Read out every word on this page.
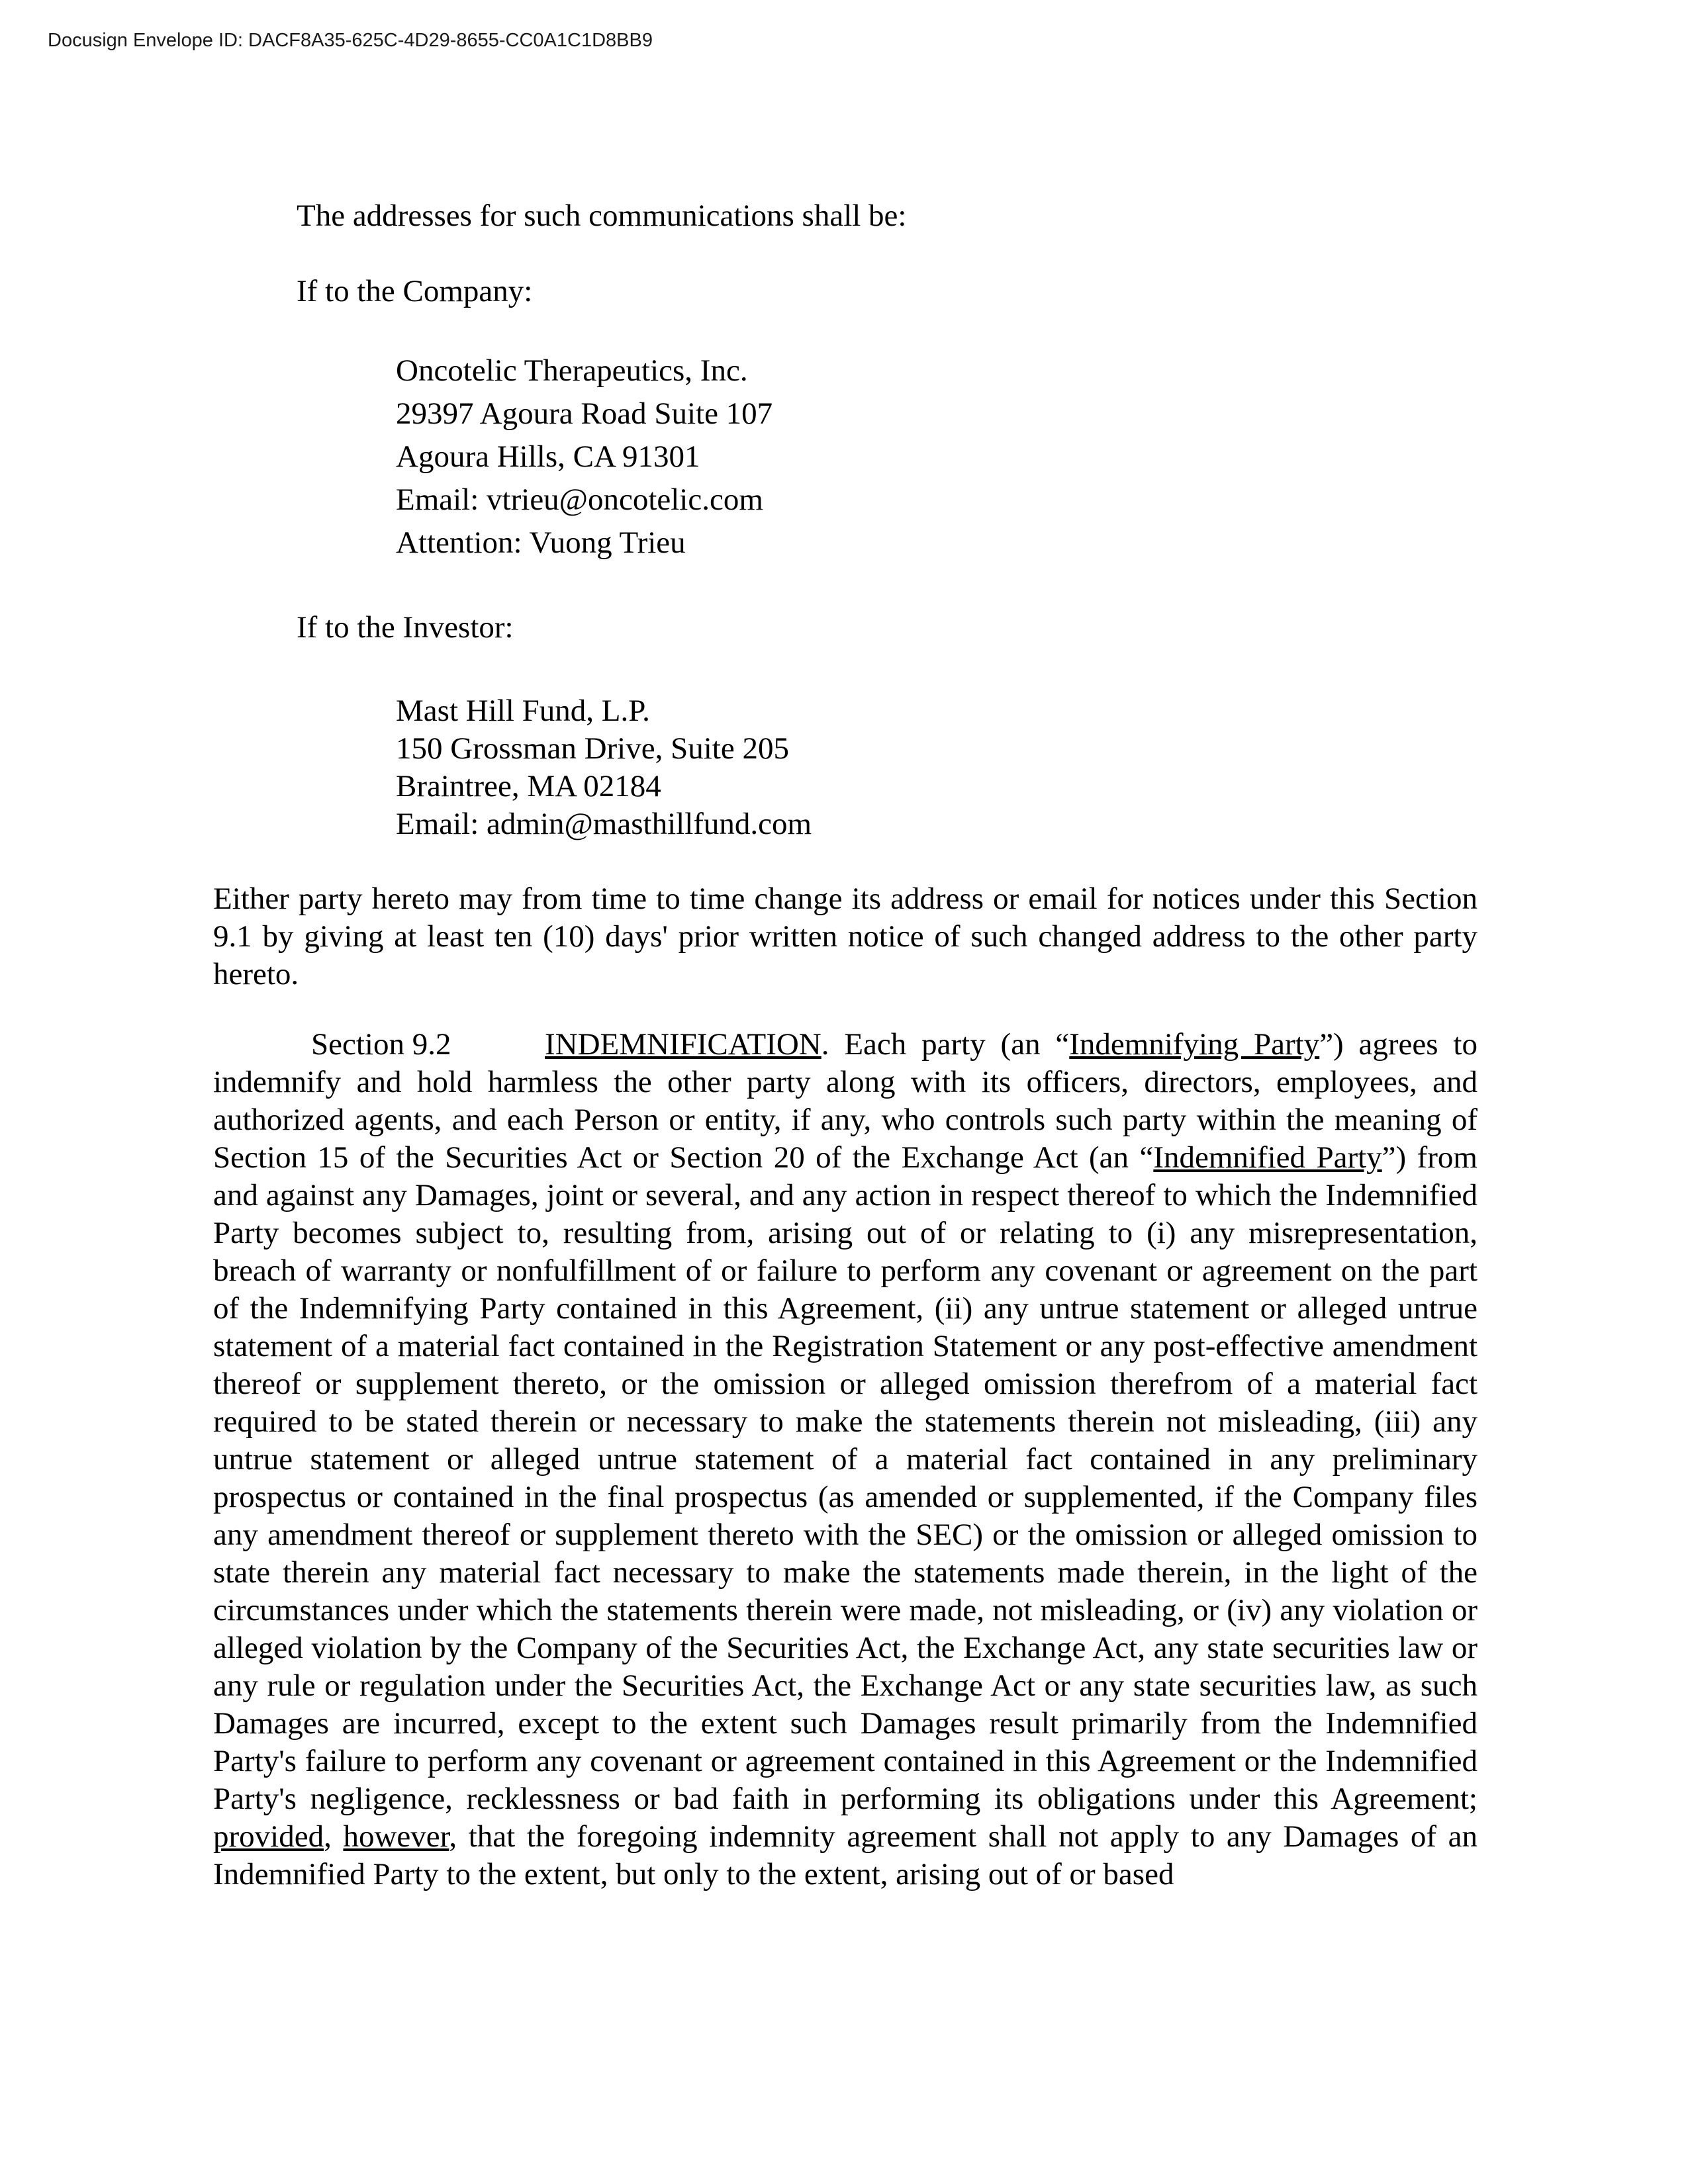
Docusign Envelope ID: DACF8A35-625C-4D29-8655-CC0A1C1D8BB9
The addresses for such communications shall be:
If to the Company:
Oncotelic Therapeutics, Inc.
29397 Agoura Road Suite 107
Agoura Hills, CA 91301
Email: vtrieu@oncotelic.com
Attention: Vuong Trieu
If to the Investor:
Mast Hill Fund, L.P.
150 Grossman Drive, Suite 205
Braintree, MA 02184
Email: admin@masthillfund.com
Either party hereto may from time to time change its address or email for notices under this Section 9.1 by giving at least ten (10) days' prior written notice of such changed address to the other party hereto.
Section 9.2	INDEMNIFICATION. Each party (an “Indemnifying Party”) agrees to indemnify and hold harmless the other party along with its officers, directors, employees, and authorized agents, and each Person or entity, if any, who controls such party within the meaning of Section 15 of the Securities Act or Section 20 of the Exchange Act (an “Indemnified Party”) from and against any Damages, joint or several, and any action in respect thereof to which the Indemnified Party becomes subject to, resulting from, arising out of or relating to (i) any misrepresentation, breach of warranty or nonfulfillment of or failure to perform any covenant or agreement on the part of the Indemnifying Party contained in this Agreement, (ii) any untrue statement or alleged untrue statement of a material fact contained in the Registration Statement or any post-effective amendment thereof or supplement thereto, or the omission or alleged omission therefrom of a material fact required to be stated therein or necessary to make the statements therein not misleading, (iii) any untrue statement or alleged untrue statement of a material fact contained in any preliminary prospectus or contained in the final prospectus (as amended or supplemented, if the Company files any amendment thereof or supplement thereto with the SEC) or the omission or alleged omission to state therein any material fact necessary to make the statements made therein, in the light of the circumstances under which the statements therein were made, not misleading, or (iv) any violation or alleged violation by the Company of the Securities Act, the Exchange Act, any state securities law or any rule or regulation under the Securities Act, the Exchange Act or any state securities law, as such Damages are incurred, except to the extent such Damages result primarily from the Indemnified Party's failure to perform any covenant or agreement contained in this Agreement or the Indemnified Party's negligence, recklessness or bad faith in performing its obligations under this Agreement; provided, however, that the foregoing indemnity agreement shall not apply to any Damages of an Indemnified Party to the extent, but only to the extent, arising out of or based
